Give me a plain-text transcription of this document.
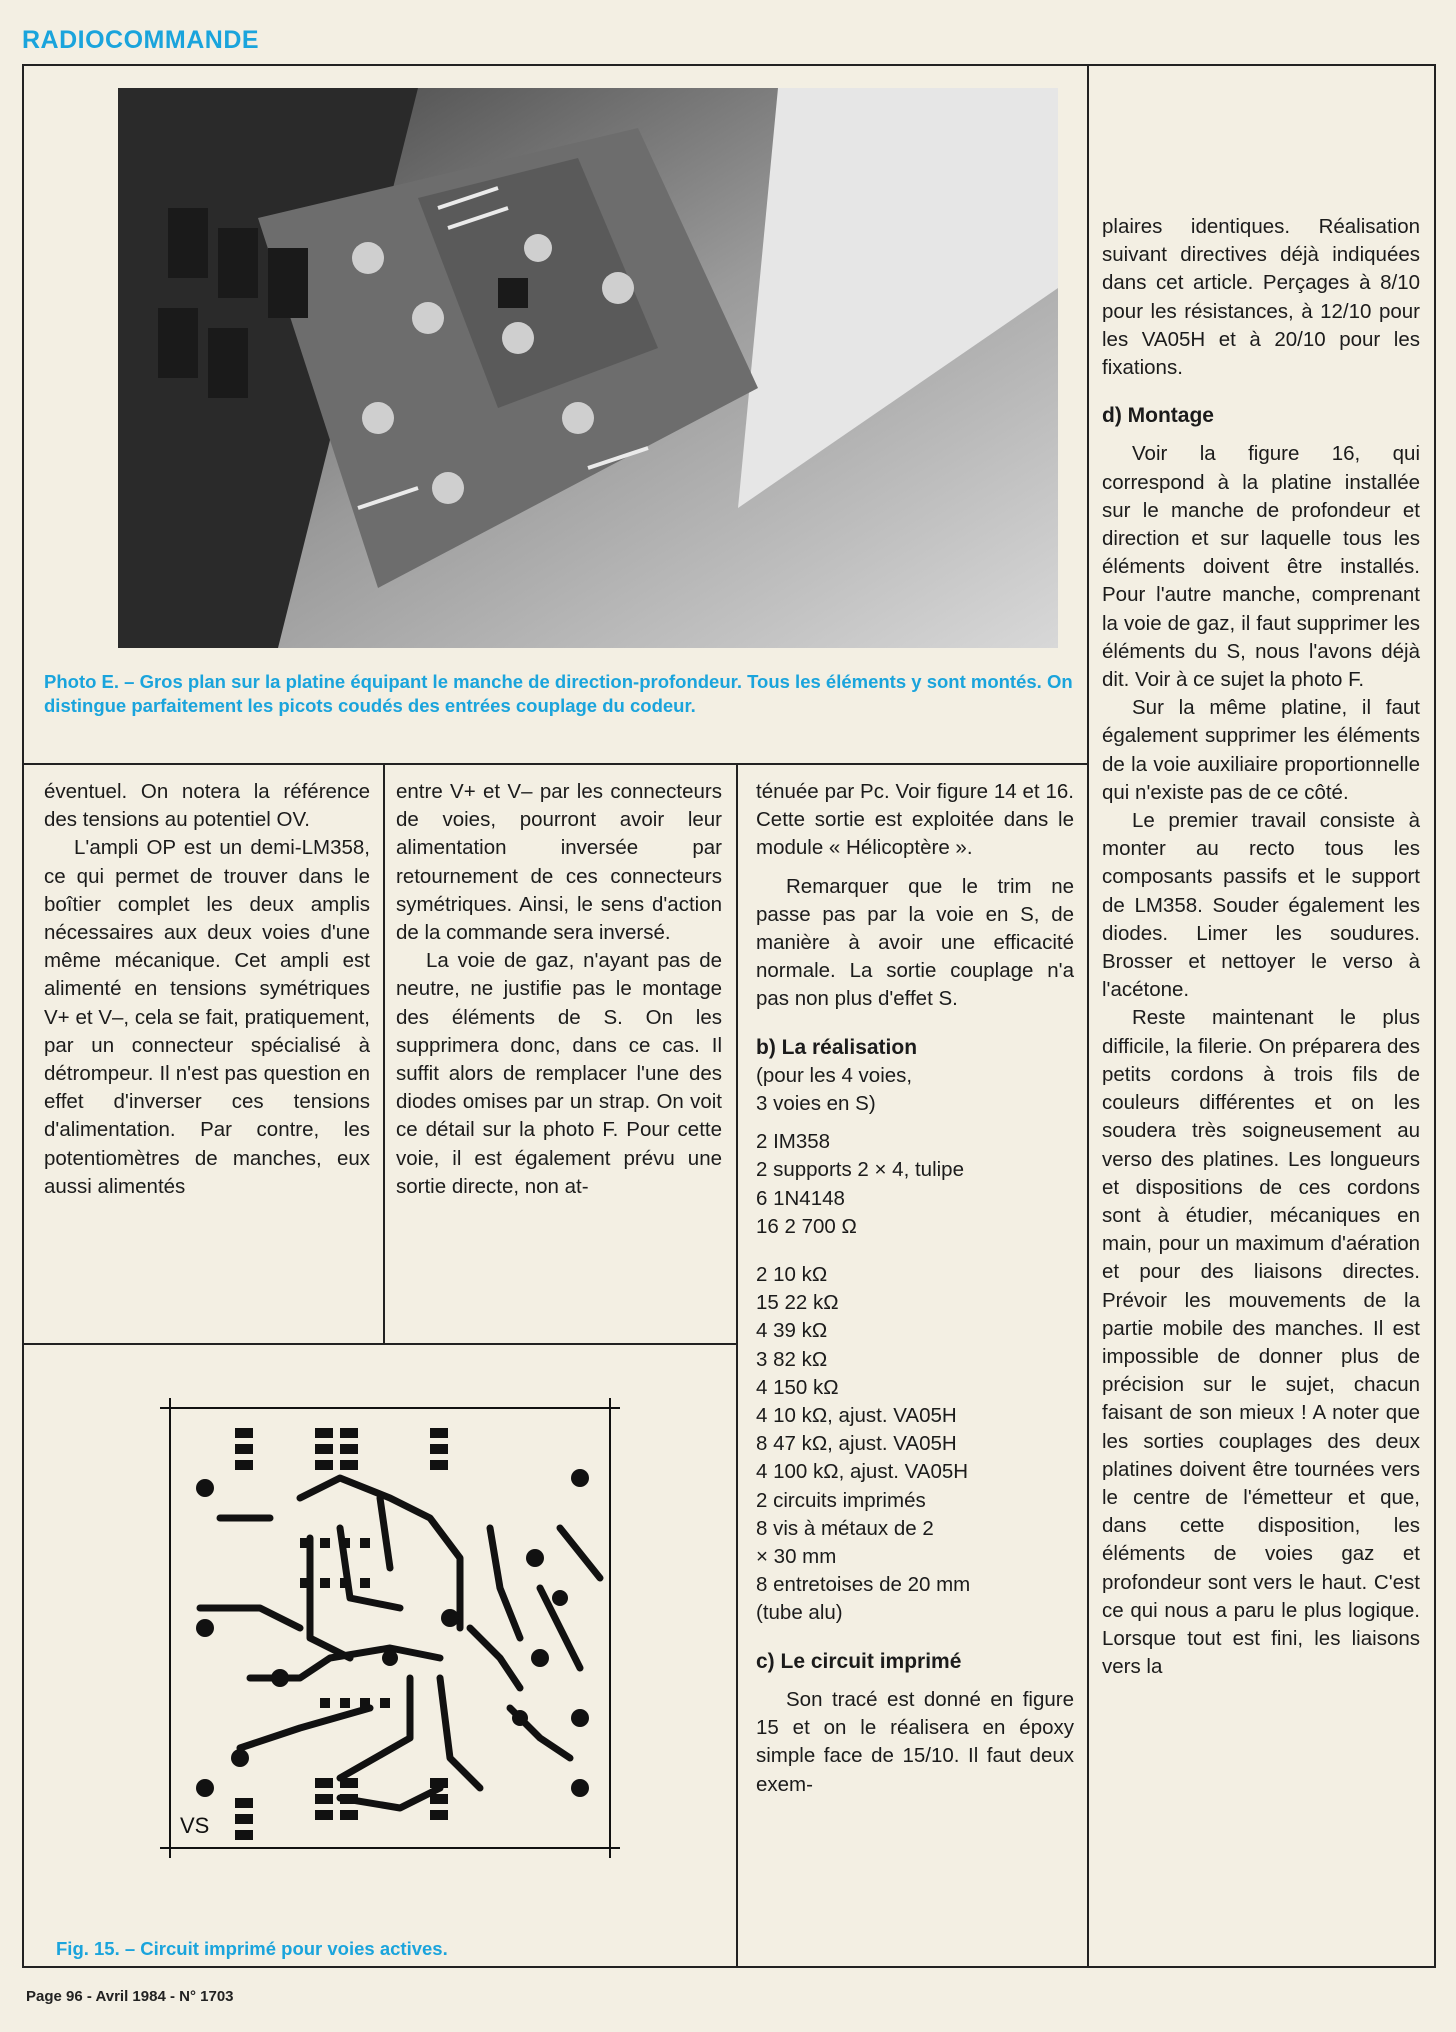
RADIOCOMMANDE
Photo E. – Gros plan sur la platine équipant le manche de direction-profondeur. Tous les éléments y sont montés. On distingue parfaitement les picots coudés des entrées couplage du codeur.

éventuel. On notera la référence des tensions au potentiel OV.

L'ampli OP est un demi-LM358, ce qui permet de trouver dans le boîtier complet les deux amplis nécessaires aux deux voies d'une même mécanique. Cet ampli est alimenté en tensions symétriques V+ et V–, cela se fait, pratiquement, par un connecteur spécialisé à détrompeur. Il n'est pas question en effet d'inverser ces tensions d'alimentation. Par contre, les potentiomètres de manches, eux aussi alimentés

entre V+ et V– par les connecteurs de voies, pourront avoir leur alimentation inversée par retournement de ces connecteurs symétriques. Ainsi, le sens d'action de la commande sera inversé.

La voie de gaz, n'ayant pas de neutre, ne justifie pas le montage des éléments de S. On les supprimera donc, dans ce cas. Il suffit alors de remplacer l'une des diodes omises par un strap. On voit ce détail sur la photo F. Pour cette voie, il est également prévu une sortie directe, non at-

VS
Fig. 15. – Circuit imprimé pour voies actives.

ténuée par Pc. Voir figure 14 et 16. Cette sortie est exploitée dans le module « Hélicoptère ».

Remarquer que le trim ne passe pas par la voie en S, de manière à avoir une efficacité normale. La sortie couplage n'a pas non plus d'effet S.

b) La réalisation

(pour les 4 voies,

3 voies en S)

2 IM358
2 supports 2 × 4, tulipe
6 1N4148
16 2 700 Ω
2 10 kΩ
15 22 kΩ
4 39 kΩ
3 82 kΩ
4 150 kΩ
4 10 kΩ, ajust. VA05H
8 47 kΩ, ajust. VA05H
4 100 kΩ, ajust. VA05H
2 circuits imprimés
8 vis à métaux de 2
× 30 mm
8 entretoises de 20 mm
(tube alu)
c) Le circuit imprimé

Son tracé est donné en figure 15 et on le réalisera en époxy simple face de 15/10. Il faut deux exem-

plaires identiques. Réalisation suivant directives déjà indiquées dans cet article. Perçages à 8/10 pour les résistances, à 12/10 pour les VA05H et à 20/10 pour les fixations.

d) Montage

Voir la figure 16, qui correspond à la platine installée sur le manche de profondeur et direction et sur laquelle tous les éléments doivent être installés. Pour l'autre manche, comprenant la voie de gaz, il faut supprimer les éléments du S, nous l'avons déjà dit. Voir à ce sujet la photo F.

Sur la même platine, il faut également supprimer les éléments de la voie auxiliaire proportionnelle qui n'existe pas de ce côté.

Le premier travail consiste à monter au recto tous les composants passifs et le support de LM358. Souder également les diodes. Limer les soudures. Brosser et nettoyer le verso à l'acétone.

Reste maintenant le plus difficile, la filerie. On préparera des petits cordons à trois fils de couleurs différentes et on les soudera très soigneusement au verso des platines. Les longueurs et dispositions de ces cordons sont à étudier, mécaniques en main, pour un maximum d'aération et pour des liaisons directes. Prévoir les mouvements de la partie mobile des manches. Il est impossible de donner plus de précision sur le sujet, chacun faisant de son mieux ! A noter que les sorties couplages des deux platines doivent être tournées vers le centre de l'émetteur et que, dans cette disposition, les éléments de voies gaz et profondeur sont vers le haut. C'est ce qui nous a paru le plus logique. Lorsque tout est fini, les liaisons vers la

Page 96 - Avril 1984 - N° 1703
